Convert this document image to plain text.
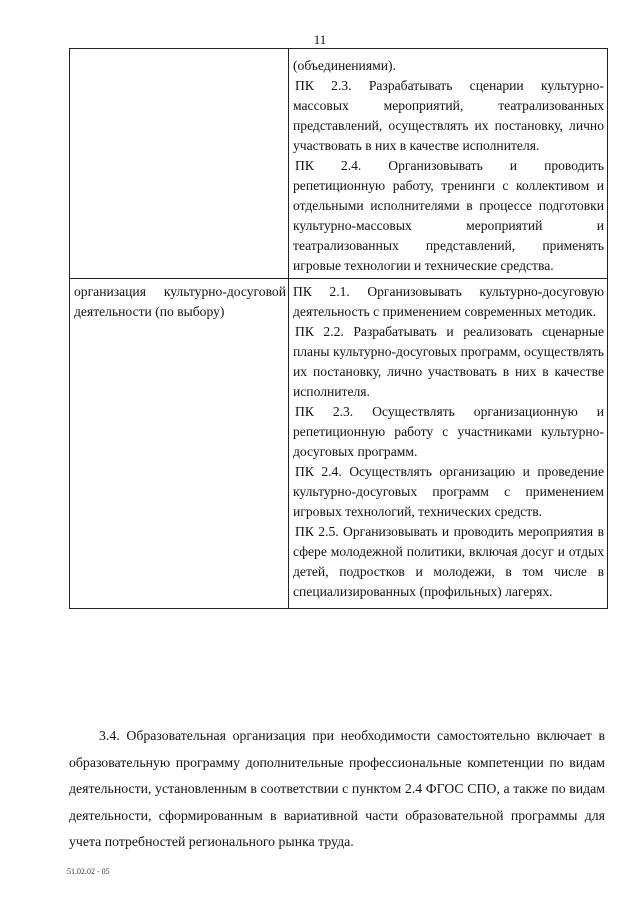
11

	(объединениями).

ПК 2.3. Разрабатывать сценарии культурно-массовых мероприятий, театрализованных представлений, осуществлять их постановку, лично участвовать в них в качестве исполнителя.

ПК 2.4. Организовывать и проводить репетиционную работу, тренинги с коллективом и отдельными исполнителями в процессе подготовки культурно-массовых мероприятий и театрализованных представлений, применять игровые технологии и технические средства.

организация культурно-досуговой деятельности (по выбору)	ПК 2.1. Организовывать культурно-досуговую деятельность с применением современных методик.

ПК 2.2. Разрабатывать и реализовать сценарные планы культурно-досуговых программ, осуществлять их постановку, лично участвовать в них в качестве исполнителя.

ПК 2.3. Осуществлять организационную и репетиционную работу с участниками культурно-досуговых программ.

ПК 2.4. Осуществлять организацию и проведение культурно-досуговых программ с применением игровых технологий, технических средств.

ПК 2.5. Организовывать и проводить мероприятия в сфере молодежной политики, включая досуг и отдых детей, подростков и молодежи, в том числе в специализированных (профильных) лагерях.

3.4. Образовательная организация при необходимости самостоятельно включает в образовательную программу дополнительные профессиональные компетенции по видам деятельности, установленным в соответствии с пунктом 2.4 ФГОС СПО, а также по видам деятельности, сформированным в вариативной части образовательной программы для учета потребностей регионального рынка труда.

51.02.02 - 05
